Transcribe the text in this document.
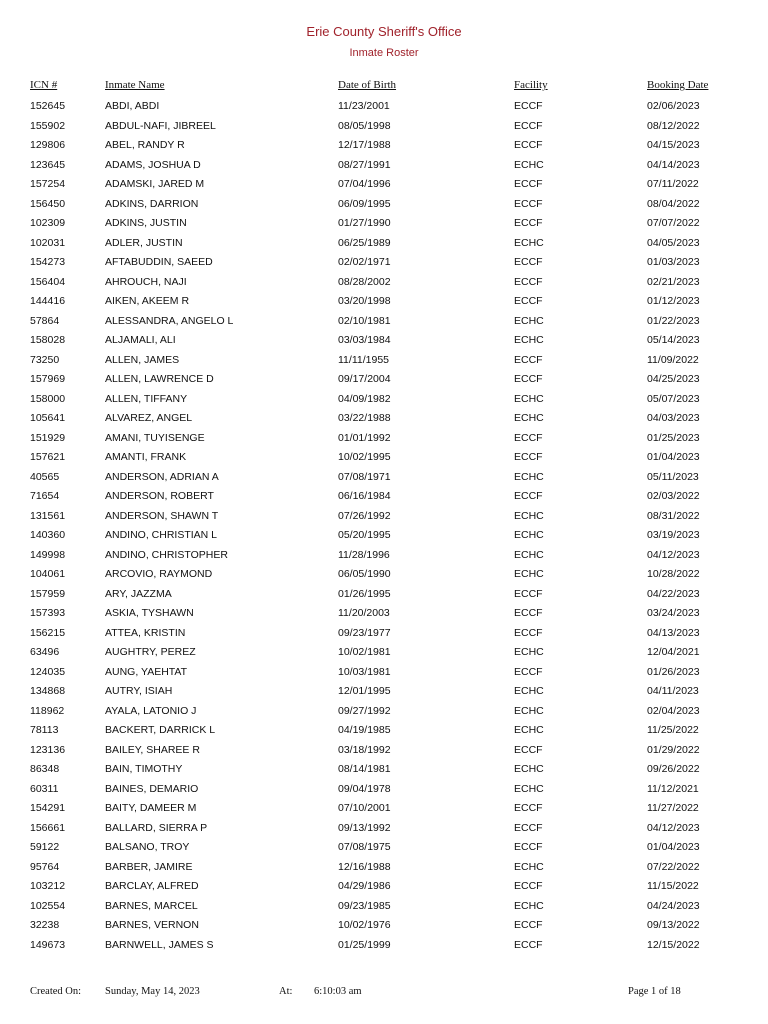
Erie County Sheriff's Office
Inmate Roster
ICN #	Inmate Name	Date of Birth	Facility	Booking Date
152645	ABDI, ABDI	11/23/2001	ECCF	02/06/2023
155902	ABDUL-NAFI, JIBREEL	08/05/1998	ECCF	08/12/2022
129806	ABEL, RANDY R	12/17/1988	ECCF	04/15/2023
123645	ADAMS, JOSHUA D	08/27/1991	ECHC	04/14/2023
157254	ADAMSKI, JARED M	07/04/1996	ECCF	07/11/2022
156450	ADKINS, DARRION	06/09/1995	ECCF	08/04/2022
102309	ADKINS, JUSTIN	01/27/1990	ECCF	07/07/2022
102031	ADLER, JUSTIN	06/25/1989	ECHC	04/05/2023
154273	AFTABUDDIN, SAEED	02/02/1971	ECCF	01/03/2023
156404	AHROUCH, NAJI	08/28/2002	ECCF	02/21/2023
144416	AIKEN, AKEEM R	03/20/1998	ECCF	01/12/2023
57864	ALESSANDRA, ANGELO L	02/10/1981	ECHC	01/22/2023
158028	ALJAMALI, ALI	03/03/1984	ECHC	05/14/2023
73250	ALLEN, JAMES	11/11/1955	ECCF	11/09/2022
157969	ALLEN, LAWRENCE D	09/17/2004	ECCF	04/25/2023
158000	ALLEN, TIFFANY	04/09/1982	ECHC	05/07/2023
105641	ALVAREZ, ANGEL	03/22/1988	ECHC	04/03/2023
151929	AMANI, TUYISENGE	01/01/1992	ECCF	01/25/2023
157621	AMANTI, FRANK	10/02/1995	ECCF	01/04/2023
40565	ANDERSON, ADRIAN A	07/08/1971	ECHC	05/11/2023
71654	ANDERSON, ROBERT	06/16/1984	ECCF	02/03/2022
131561	ANDERSON, SHAWN T	07/26/1992	ECHC	08/31/2022
140360	ANDINO, CHRISTIAN L	05/20/1995	ECHC	03/19/2023
149998	ANDINO, CHRISTOPHER	11/28/1996	ECHC	04/12/2023
104061	ARCOVIO, RAYMOND	06/05/1990	ECHC	10/28/2022
157959	ARY, JAZZMA	01/26/1995	ECCF	04/22/2023
157393	ASKIA, TYSHAWN	11/20/2003	ECCF	03/24/2023
156215	ATTEA, KRISTIN	09/23/1977	ECCF	04/13/2023
63496	AUGHTRY, PEREZ	10/02/1981	ECHC	12/04/2021
124035	AUNG, YAEHTAT	10/03/1981	ECCF	01/26/2023
134868	AUTRY, ISIAH	12/01/1995	ECHC	04/11/2023
118962	AYALA, LATONIO J	09/27/1992	ECHC	02/04/2023
78113	BACKERT, DARRICK L	04/19/1985	ECHC	11/25/2022
123136	BAILEY, SHAREE R	03/18/1992	ECCF	01/29/2022
86348	BAIN, TIMOTHY	08/14/1981	ECHC	09/26/2022
60311	BAINES, DEMARIO	09/04/1978	ECHC	11/12/2021
154291	BAITY, DAMEER M	07/10/2001	ECCF	11/27/2022
156661	BALLARD, SIERRA P	09/13/1992	ECCF	04/12/2023
59122	BALSANO, TROY	07/08/1975	ECCF	01/04/2023
95764	BARBER, JAMIRE	12/16/1988	ECHC	07/22/2022
103212	BARCLAY, ALFRED	04/29/1986	ECCF	11/15/2022
102554	BARNES, MARCEL	09/23/1985	ECHC	04/24/2023
32238	BARNES, VERNON	10/02/1976	ECCF	09/13/2022
149673	BARNWELL, JAMES S	01/25/1999	ECCF	12/15/2022
Created On: Sunday, May 14, 2023	At: 6:10:03 am	Page 1 of 18
